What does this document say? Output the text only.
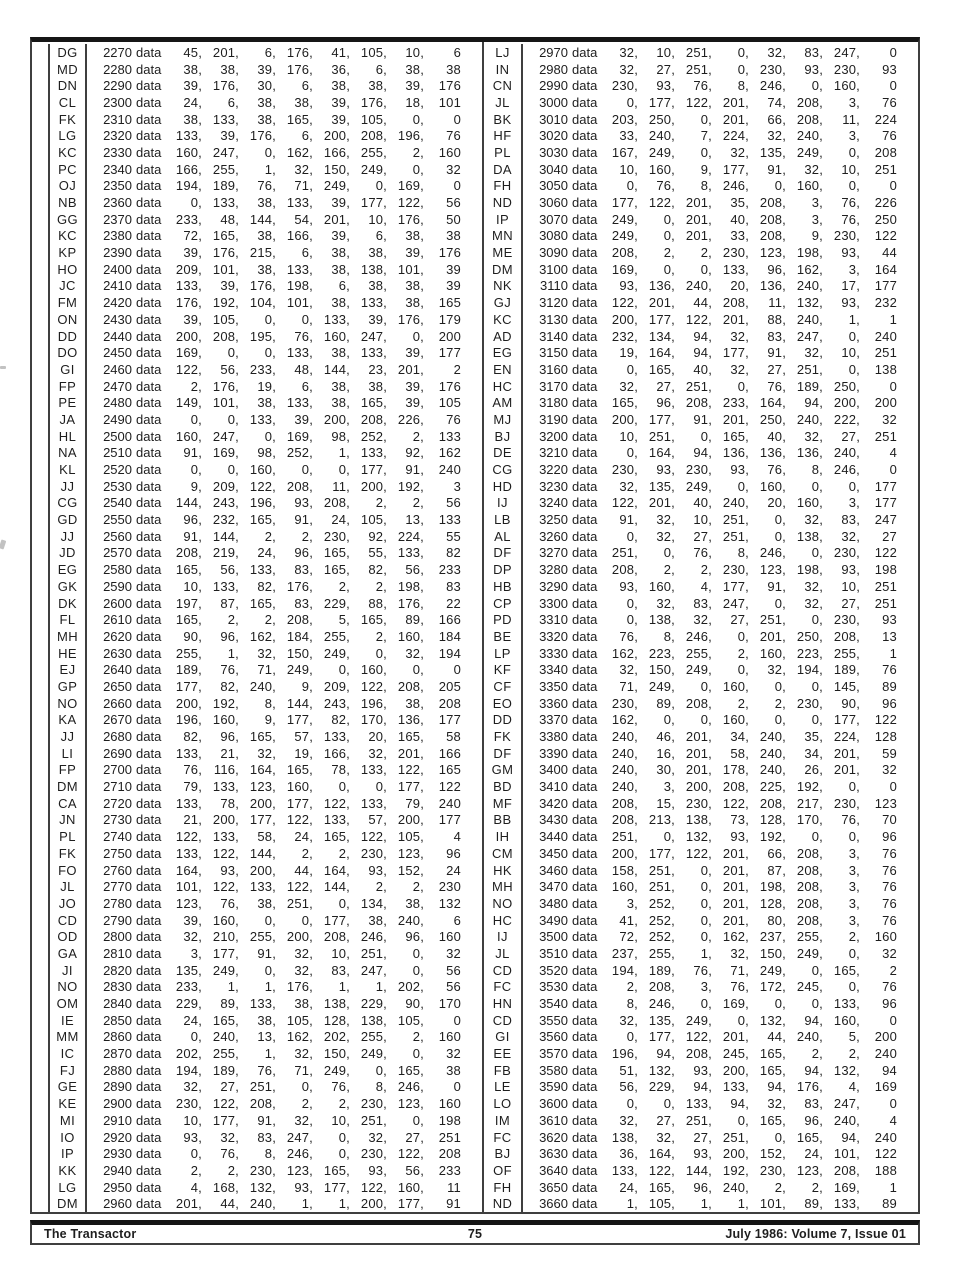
DG	2270 data	45, 201,	6, 176,	41, 105,	10,	6
MD	2280 data	38,	38,	39, 176,	36,	6,	38,	38
DN	2290 data	39, 176,	30,	6,	38,	38,	39,	176
CL	2300 data	24,	6,	38,	38,	39, 176,	18,	101
FK	2310 data	38, 133,	38, 165,	39, 105,	0,	0
LG	2320 data	133,	39, 176,	6, 200, 208, 196,	76
KC	2330 data	160, 247,	0, 162, 166, 255,	2,	160
PC	2340 data	166, 255,	1,	32, 150, 249,	0,	32
OJ	2350 data	194, 189,	76,	71, 249,	0, 169,	0
NB	2360 data	0, 133,	38, 133,	39, 177, 122,	56
GG	2370 data	233,	48, 144,	54, 201,	10, 176,	50
KC	2380 data	72, 165,	38, 166,	39,	6,	38,	38
KP	2390 data	39, 176, 215,	6,	38,	38,	39,	176
HO	2400 data	209, 101,	38, 133,	38, 138, 101,	39
JC	2410 data	133,	39, 176, 198,	6,	38,	38,	39
FM	2420 data	176, 192, 104, 101,	38, 133,	38,	165
ON	2430 data	39, 105,	0,	0, 133,	39, 176,	179
DD	2440 data	200, 208, 195,	76, 160, 247,	0,	200
DO	2450 data	169,	0,	0, 133,	38, 133,	39,	177
GI	2460 data	122,	56, 233,	48, 144,	23, 201,	2
FP	2470 data	2, 176,	19,	6,	38,	38,	39,	176
PE	2480 data	149, 101,	38, 133,	38, 165,	39,	105
JA	2490 data	0,	0, 133,	39, 200, 208, 226,	76
HL	2500 data	160, 247,	0, 169,	98, 252,	2,	133
NA	2510 data	91, 169,	98, 252,	1, 133,	92,	162
KL	2520 data	0,	0, 160,	0,	0, 177,	91,	240
JJ	2530 data	9, 209, 122, 208,	11, 200, 192,	3
CG	2540 data	144, 243, 196,	93, 208,	2,	2,	56
GD	2550 data	96, 232, 165,	91,	24, 105,	13,	133
JJ	2560 data	91, 144,	2,	2, 230,	92, 224,	55
JD	2570 data	208, 219,	24,	96, 165,	55, 133,	82
EG	2580 data	165,	56, 133,	83, 165,	82,	56,	233
GK	2590 data	10, 133,	82, 176,	2,	2, 198,	83
DK	2600 data	197,	87, 165,	83, 229,	88, 176,	22
FL	2610 data	165,	2,	2, 208,	5, 165,	89,	166
MH	2620 data	90,	96, 162, 184, 255,	2, 160,	184
HE	2630 data	255,	1,	32, 150, 249,	0,	32,	194
EJ	2640 data	189,	76,	71, 249,	0, 160,	0,	0
GP	2650 data	177,	82, 240,	9, 209, 122, 208,	205
NO	2660 data	200, 192,	8, 144, 243, 196,	38,	208
KA	2670 data	196, 160,	9, 177,	82, 170, 136,	177
JJ	2680 data	82,	96, 165,	57, 133,	20, 165,	58
LI	2690 data	133,	21,	32,	19, 166,	32, 201,	166
FP	2700 data	76, 116, 164, 165,	78, 133, 122,	165
DM	2710 data	79, 133, 123, 160,	0,	0, 177,	122
CA	2720 data	133,	78, 200, 177, 122, 133,	79,	240
JN	2730 data	21, 200, 177, 122, 133,	57, 200,	177
PL	2740 data	122, 133,	58,	24, 165, 122, 105,	4
FK	2750 data	133, 122, 144,	2,	2, 230, 123,	96
FO	2760 data	164,	93, 200,	44, 164,	93, 152,	24
JL	2770 data	101, 122, 133, 122, 144,	2,	2,	230
JO	2780 data	123,	76,	38, 251,	0, 134,	38,	132
CD	2790 data	39, 160,	0,	0, 177,	38, 240,	6
OD	2800 data	32, 210, 255, 200, 208, 246,	96,	160
GA	2810 data	3, 177,	91,	32,	10, 251,	0,	32
JI	2820 data	135, 249,	0,	32,	83, 247,	0,	56
NO	2830 data	233,	1,	1, 176,	1,	1, 202,	56
OM	2840 data	229,	89, 133,	38, 138, 229,	90,	170
IE	2850 data	24, 165,	38, 105, 128, 138, 105,	0
MM	2860 data	0, 240,	13, 162, 202, 255,	2,	160
IC	2870 data	202, 255,	1,	32, 150, 249,	0,	32
FJ	2880 data	194, 189,	76,	71, 249,	0, 165,	38
GE	2890 data	32,	27, 251,	0,	76,	8, 246,	0
KE	2900 data	230, 122, 208,	2,	2, 230, 123,	160
MI	2910 data	10, 177,	91,	32,	10, 251,	0,	198
IO	2920 data	93,	32,	83, 247,	0,	32,	27,	251
IP	2930 data	0,	76,	8, 246,	0, 230, 122,	208
KK	2940 data	2,	2, 230, 123, 165,	93,	56,	233
LG	2950 data	4, 168, 132,	93, 177, 122, 160,	11
DM	2960 data	201,	44, 240,	1,	1, 200, 177,	91
LJ	2970 data	32,	10, 251,	0,	32,	83, 247,	0
IN	2980 data	32,	27, 251,	0, 230,	93, 230,	93
CN	2990 data	230,	93,	76,	8, 246,	0, 160,	0
JL	3000 data	0, 177, 122, 201,	74, 208,	3,	76
BK	3010 data	203, 250,	0, 201,	66, 208,	11,	224
HF	3020 data	33, 240,	7, 224,	32, 240,	3,	76
PL	3030 data	167, 249,	0,	32, 135, 249,	0,	208
DA	3040 data	10, 160,	9, 177,	91,	32,	10,	251
FH	3050 data	0,	76,	8, 246,	0, 160,	0,	0
ND	3060 data	177, 122, 201,	35, 208,	3,	76,	226
IP	3070 data	249,	0, 201,	40, 208,	3,	76,	250
MN	3080 data	249,	0, 201,	33, 208,	9, 230,	122
ME	3090 data	208,	2,	2, 230, 123, 198,	93,	44
DM	3100 data	169,	0,	0, 133,	96, 162,	3,	164
NK	3110 data	93, 136, 240,	20, 136, 240,	17,	177
GJ	3120 data	122, 201,	44, 208,	11, 132,	93,	232
KC	3130 data	200, 177, 122, 201,	88, 240,	1,	1
AD	3140 data	232, 134,	94,	32,	83, 247,	0,	240
EG	3150 data	19, 164,	94, 177,	91,	32,	10,	251
EN	3160 data	0, 165,	40,	32,	27, 251,	0,	138
HC	3170 data	32,	27, 251,	0,	76, 189, 250,	0
AM	3180 data	165,	96, 208, 233, 164,	94, 200,	200
MJ	3190 data	200, 177,	91, 201, 250, 240, 222,	32
BJ	3200 data	10, 251,	0, 165,	40,	32,	27,	251
DE	3210 data	0, 164,	94, 136, 136, 136, 240,	4
CG	3220 data	230,	93, 230,	93,	76,	8, 246,	0
HD	3230 data	32, 135, 249,	0, 160,	0,	0,	177
IJ	3240 data	122, 201,	40, 240,	20, 160,	3,	177
LB	3250 data	91,	32,	10, 251,	0,	32,	83,	247
AL	3260 data	0,	32,	27, 251,	0, 138,	32,	27
DF	3270 data	251,	0,	76,	8, 246,	0, 230,	122
DP	3280 data	208,	2,	2, 230, 123, 198,	93,	198
HB	3290 data	93, 160,	4, 177,	91,	32,	10,	251
CP	3300 data	0,	32,	83, 247,	0,	32,	27,	251
PD	3310 data	0, 138,	32,	27, 251,	0, 230,	93
BE	3320 data	76,	8, 246,	0, 201, 250, 208,	13
LP	3330 data	162, 223, 255,	2, 160, 223, 255,	1
KF	3340 data	32, 150, 249,	0,	32, 194, 189,	76
CF	3350 data	71, 249,	0, 160,	0,	0, 145,	89
EO	3360 data	230,	89, 208,	2,	2, 230,	90,	96
DD	3370 data	162,	0,	0, 160,	0,	0, 177,	122
FK	3380 data	240,	46, 201,	34, 240,	35, 224,	128
DF	3390 data	240,	16, 201,	58, 240,	34, 201,	59
GM	3400 data	240,	30, 201, 178, 240,	26, 201,	32
BD	3410 data	240,	3, 200, 208, 225, 192,	0,	0
MF	3420 data	208,	15, 230, 122, 208, 217, 230,	123
BB	3430 data	208, 213, 138,	73, 128, 170,	76,	70
IH	3440 data	251,	0, 132,	93, 192,	0,	0,	96
CM	3450 data	200, 177, 122, 201,	66, 208,	3,	76
HK	3460 data	158, 251,	0, 201,	87, 208,	3,	76
MH	3470 data	160, 251,	0, 201, 198, 208,	3,	76
NO	3480 data	3, 252,	0, 201, 128, 208,	3,	76
HC	3490 data	41, 252,	0, 201,	80, 208,	3,	76
IJ	3500 data	72, 252,	0, 162, 237, 255,	2,	160
JL	3510 data	237, 255,	1,	32, 150, 249,	0,	32
CD	3520 data	194, 189,	76,	71, 249,	0, 165,	2
FC	3530 data	2, 208,	3,	76, 172, 245,	0,	76
HN	3540 data	8, 246,	0, 169,	0,	0, 133,	96
CD	3550 data	32, 135, 249,	0, 132,	94, 160,	0
GI	3560 data	0, 177, 122, 201,	44, 240,	5,	200
EE	3570 data	196,	94, 208, 245, 165,	2,	2,	240
FB	3580 data	51, 132,	93, 200, 165,	94, 132,	94
LE	3590 data	56, 229,	94, 133,	94, 176,	4,	169
LO	3600 data	0,	0, 133,	94,	32,	83, 247,	0
IM	3610 data	32,	27, 251,	0, 165,	96, 240,	4
FC	3620 data	138,	32,	27, 251,	0, 165,	94,	240
BJ	3630 data	36, 164,	93, 200, 152,	24, 101,	122
OF	3640 data	133, 122, 144, 192, 230, 123, 208,	188
FH	3650 data	24, 165,	96, 240,	2,	2, 169,	1
ND	3660 data	1, 105,	1,	1, 101,	89, 133,	89
The Transactor	75	July 1986: Volume 7, Issue 01
